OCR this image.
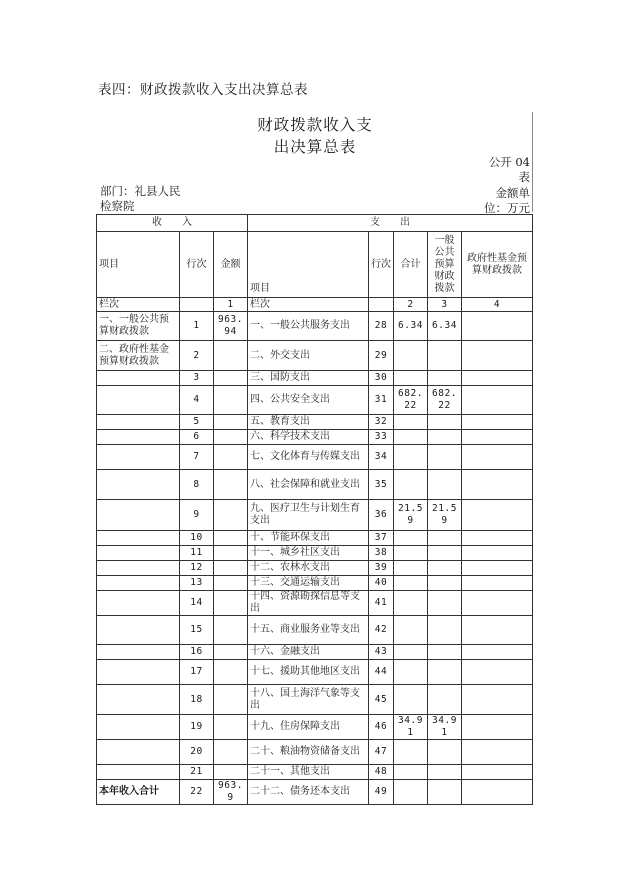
表四：财政拨款收入支出决算总表
财政拨款收入支
出决算总表
公开 04
表
部门：礼县人民
检察院
金额单
位：万元
收　　入			支　　出				
项目	行次	金额	项目	行次	合计	一般公共预算财政拨款	政府性基金预算财政拨款
栏次		1	栏次		2	3	4
一、一般公共预算财政拨款	1	963.94	一、一般公共服务支出	28	6.34	6.34	
二、政府性基金预算财政拨款	2		二、外交支出	29			
	3		三、国防支出	30			
	4		四、公共安全支出	31	682.22	682.22	
	5		五、教育支出	32			
	6		六、科学技术支出	33			
	7		七、文化体育与传媒支出	34			
	8		八、社会保障和就业支出	35			
	9		九、医疗卫生与计划生育支出	36	21.59	21.59	
	10		十、节能环保支出	37			
	11		十一、城乡社区支出	38			
	12		十二、农林水支出	39			
	13		十三、交通运输支出	40			
	14		十四、资源勘探信息等支出	41			
	15		十五、商业服务业等支出	42			
	16		十六、金融支出	43			
	17		十七、援助其他地区支出	44			
	18		十八、国土海洋气象等支出	45			
	19		十九、住房保障支出	46	34.91	34.91	
	20		二十、粮油物资储备支出	47			
	21		二十一、其他支出	48			
本年收入合计	22	963.9	二十二、债务还本支出	49			
